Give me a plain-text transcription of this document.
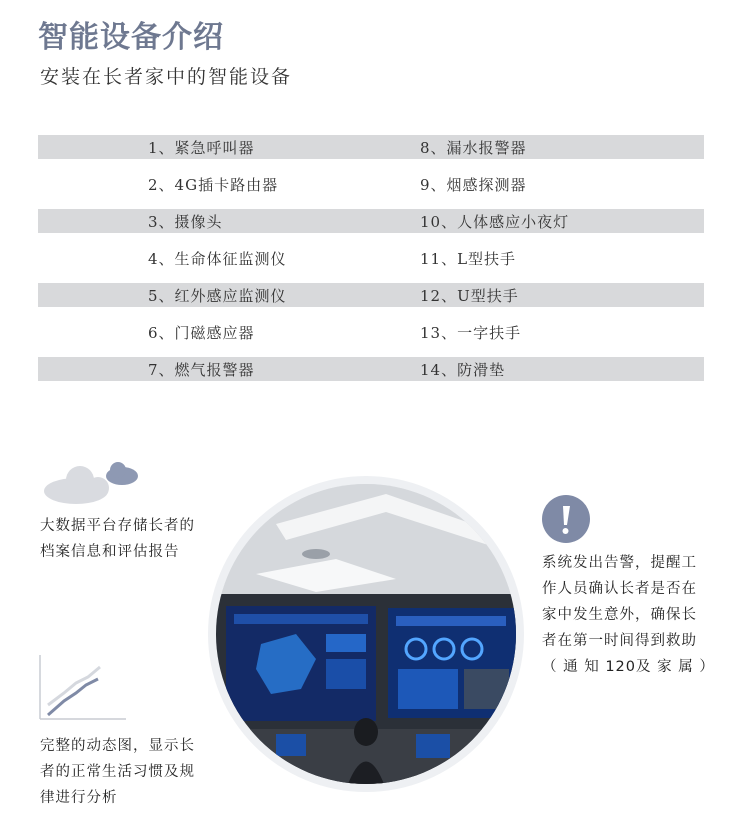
智能设备介绍
安装在长者家中的智能设备
1、紧急呼叫器	8、漏水报警器
2、4G插卡路由器	9、烟感探测器
3、摄像头	10、人体感应小夜灯
4、生命体征监测仪	11、L型扶手
5、红外感应监测仪	12、U型扶手
6、门磁感应器	13、一字扶手
7、燃气报警器	14、防滑垫
大数据平台存储长者的
档案信息和评估报告
完整的动态图，显示长
者的正常生活习惯及规
律进行分析
系统发出告警，提醒工
作人员确认长者是否在
家中发生意外，确保长
者在第一时间得到救助
（ 通 知 120及 家 属 ）
